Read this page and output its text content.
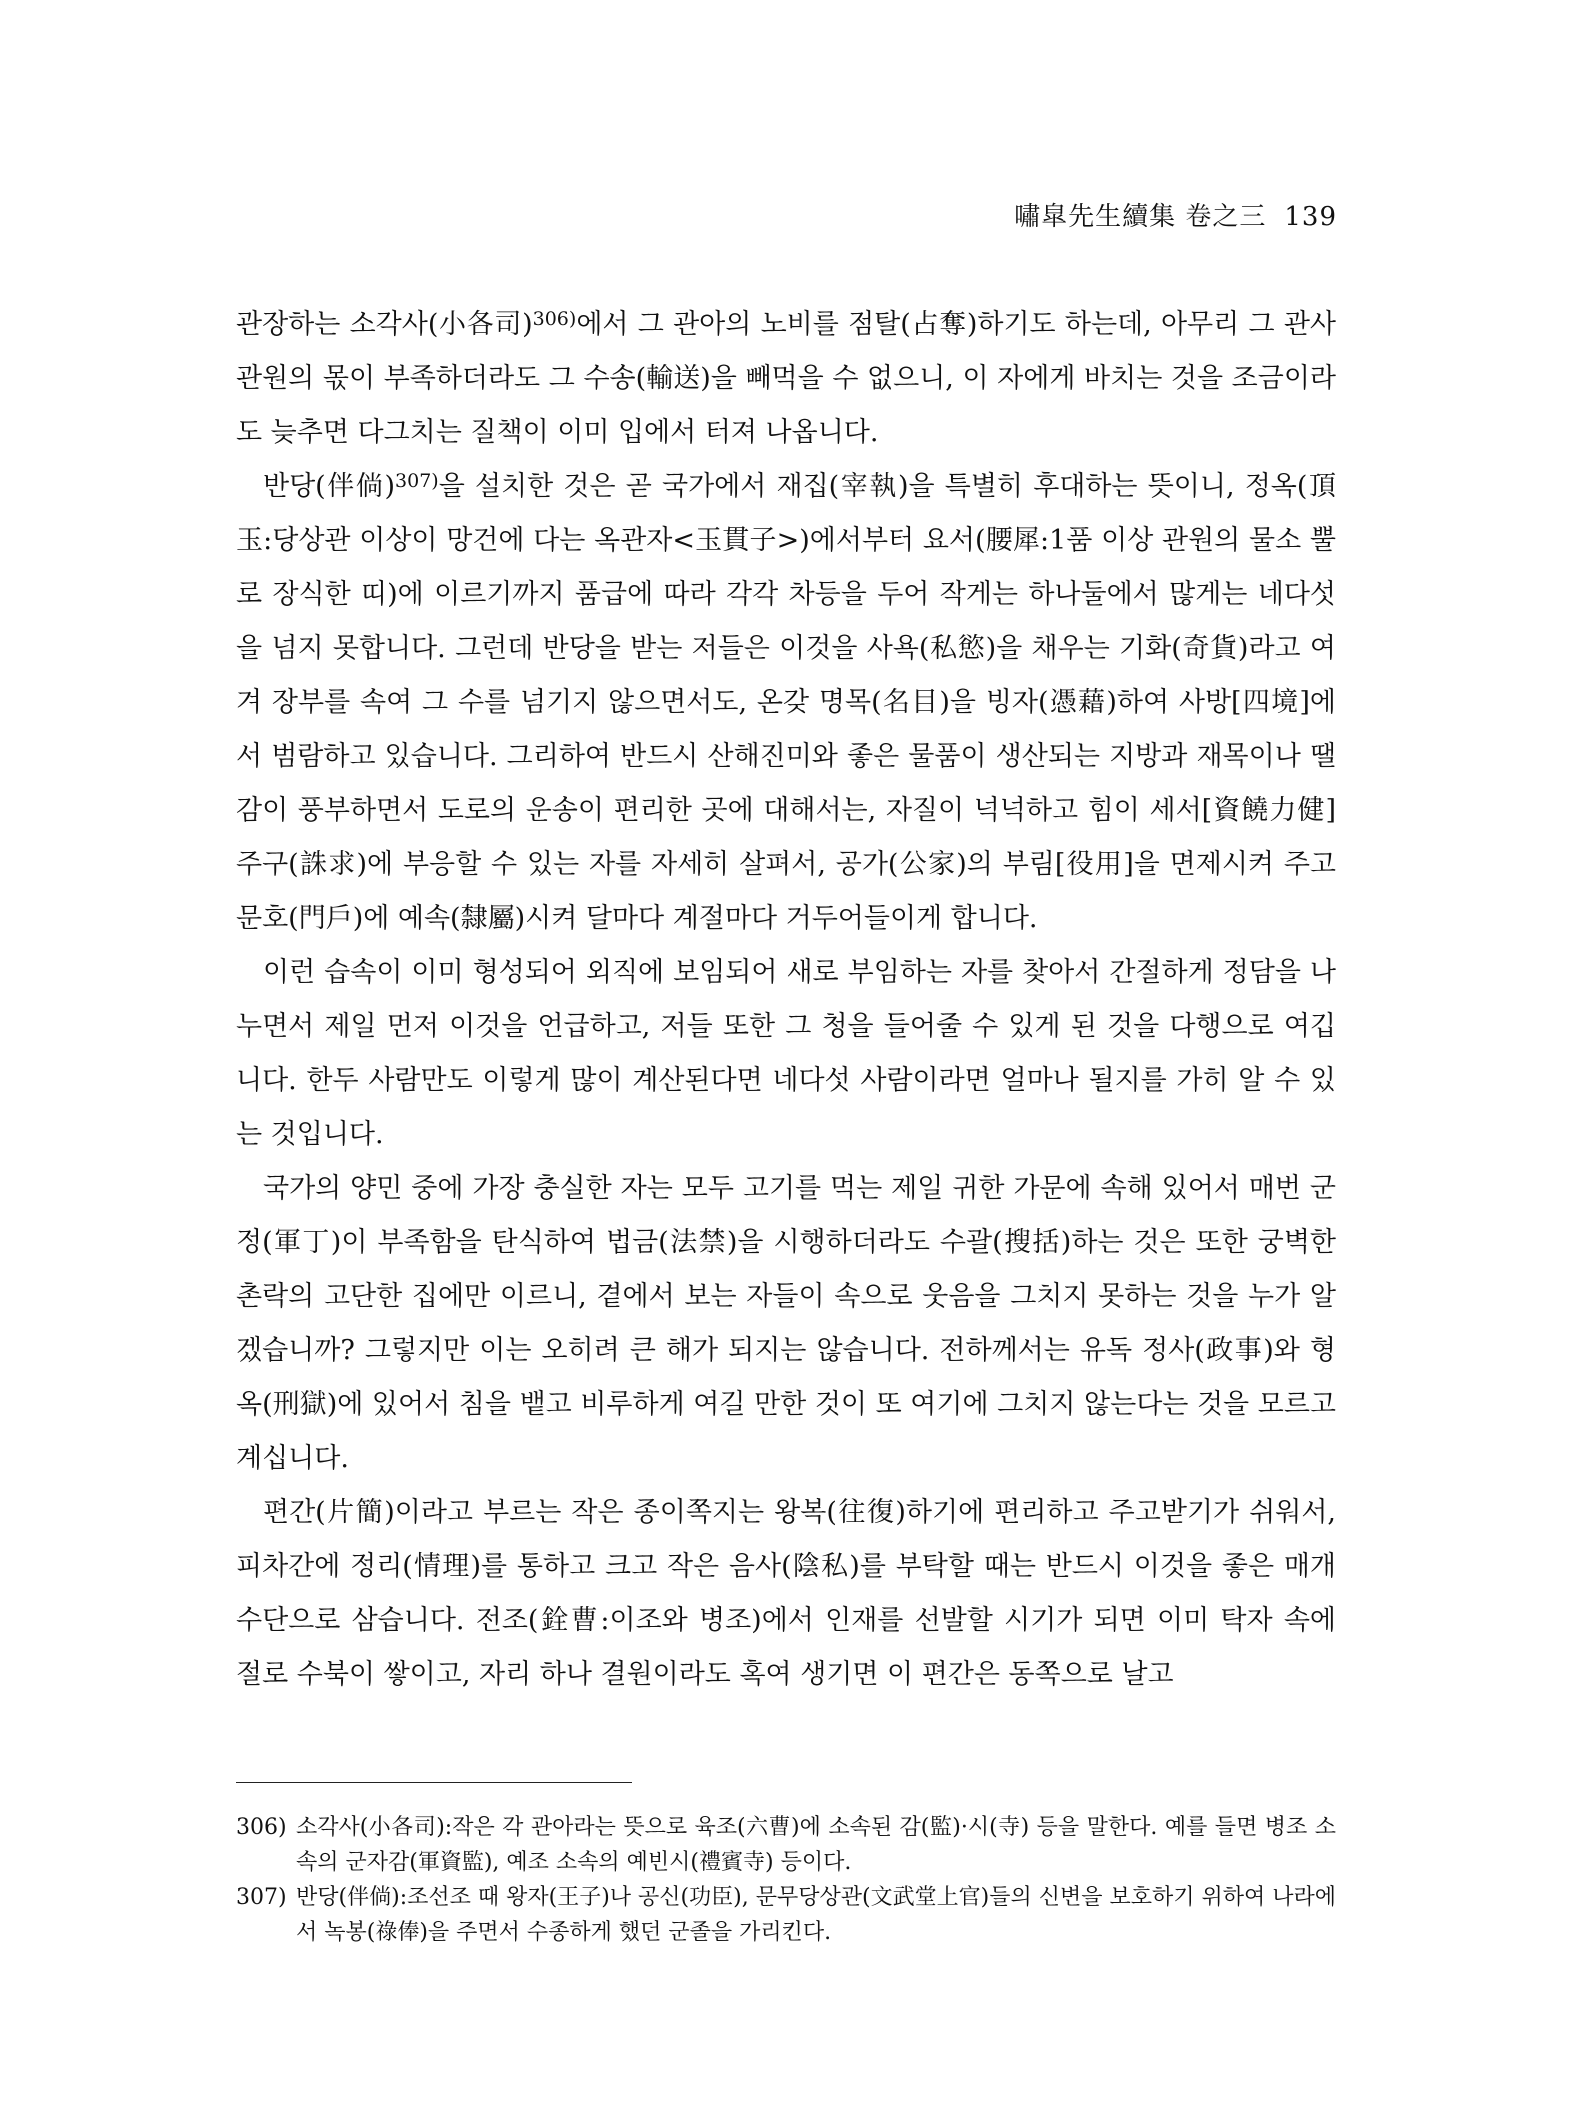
嘯皐先生續集 卷之三 139

관장하는 소각사(小各司)$^{306)}$에서 그 관아의 노비를 점탈(占奪)하기도 하는데, 아무리 그 관사 관원의 몫이 부족하더라도 그 수송(輸送)을 빼먹을 수 없으니, 이 자에게 바치는 것을 조금이라도 늦추면 다그치는 질책이 이미 입에서 터져 나옵니다.

반당(伴倘)$^{307)}$을 설치한 것은 곧 국가에서 재집(宰執)을 특별히 후대하는 뜻이니, 정옥(頂玉:당상관 이상이 망건에 다는 옥관자<玉貫子>)에서부터 요서(腰犀:1품 이상 관원의 물소 뿔로 장식한 띠)에 이르기까지 품급에 따라 각각 차등을 두어 작게는 하나둘에서 많게는 네다섯을 넘지 못합니다. 그런데 반당을 받는 저들은 이것을 사욕(私慾)을 채우는 기화(奇貨)라고 여겨 장부를 속여 그 수를 넘기지 않으면서도, 온갖 명목(名目)을 빙자(憑藉)하여 사방[四境]에서 범람하고 있습니다. 그리하여 반드시 산해진미와 좋은 물품이 생산되는 지방과 재목이나 땔감이 풍부하면서 도로의 운송이 편리한 곳에 대해서는, 자질이 넉넉하고 힘이 세서[資饒力健] 주구(誅求)에 부응할 수 있는 자를 자세히 살펴서, 공가(公家)의 부림[役用]을 면제시켜 주고 문호(門戶)에 예속(隸屬)시켜 달마다 계절마다 거두어들이게 합니다.

이런 습속이 이미 형성되어 외직에 보임되어 새로 부임하는 자를 찾아서 간절하게 정담을 나누면서 제일 먼저 이것을 언급하고, 저들 또한 그 청을 들어줄 수 있게 된 것을 다행으로 여깁니다. 한두 사람만도 이렇게 많이 계산된다면 네다섯 사람이라면 얼마나 될지를 가히 알 수 있는 것입니다.

국가의 양민 중에 가장 충실한 자는 모두 고기를 먹는 제일 귀한 가문에 속해 있어서 매번 군정(軍丁)이 부족함을 탄식하여 법금(法禁)을 시행하더라도 수괄(搜括)하는 것은 또한 궁벽한 촌락의 고단한 집에만 이르니, 곁에서 보는 자들이 속으로 웃음을 그치지 못하는 것을 누가 알겠습니까? 그렇지만 이는 오히려 큰 해가 되지는 않습니다. 전하께서는 유독 정사(政事)와 형옥(刑獄)에 있어서 침을 뱉고 비루하게 여길 만한 것이 또 여기에 그치지 않는다는 것을 모르고 계십니다.

편간(片簡)이라고 부르는 작은 종이쪽지는 왕복(往復)하기에 편리하고 주고받기가 쉬워서, 피차간에 정리(情理)를 통하고 크고 작은 음사(陰私)를 부탁할 때는 반드시 이것을 좋은 매개수단으로 삼습니다. 전조(銓曹:이조와 병조)에서 인재를 선발할 시기가 되면 이미 탁자 속에 절로 수북이 쌓이고, 자리 하나 결원이라도 혹여 생기면 이 편간은 동쪽으로 날고

306) 소각사(小各司):작은 각 관아라는 뜻으로 육조(六曹)에 소속된 감(監)·시(寺) 등을 말한다. 예를 들면 병조 소속의 군자감(軍資監), 예조 소속의 예빈시(禮賓寺) 등이다.
307) 반당(伴倘):조선조 때 왕자(王子)나 공신(功臣), 문무당상관(文武堂上官)들의 신변을 보호하기 위하여 나라에서 녹봉(祿俸)을 주면서 수종하게 했던 군졸을 가리킨다.
